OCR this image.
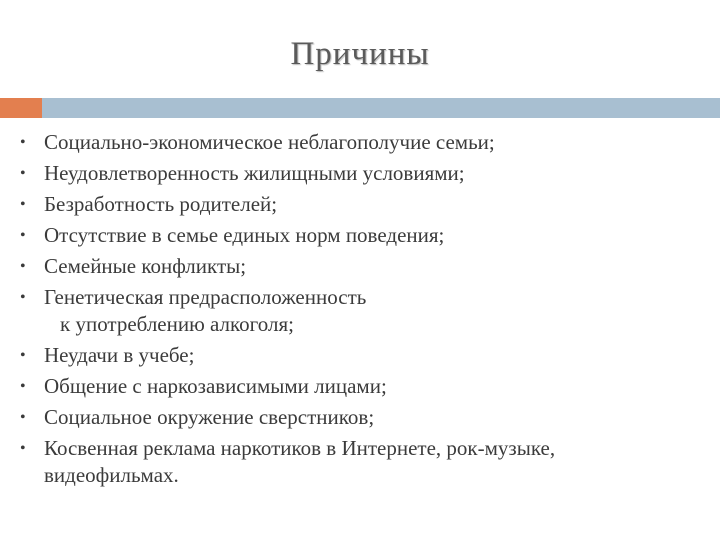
Причины
• Социально-экономическое неблагополучие семьи;
• Неудовлетворенность жилищными условиями;
• Безработность родителей;
• Отсутствие в семье единых норм поведения;
• Семейные конфликты;
• Генетическая предрасположенность
к употреблению алкоголя;
• Неудачи в учебе;
• Общение с наркозависимыми лицами;
• Социальное окружение сверстников;
• Косвенная реклама наркотиков в Интернете, рок-музыке,
видеофильмах.
